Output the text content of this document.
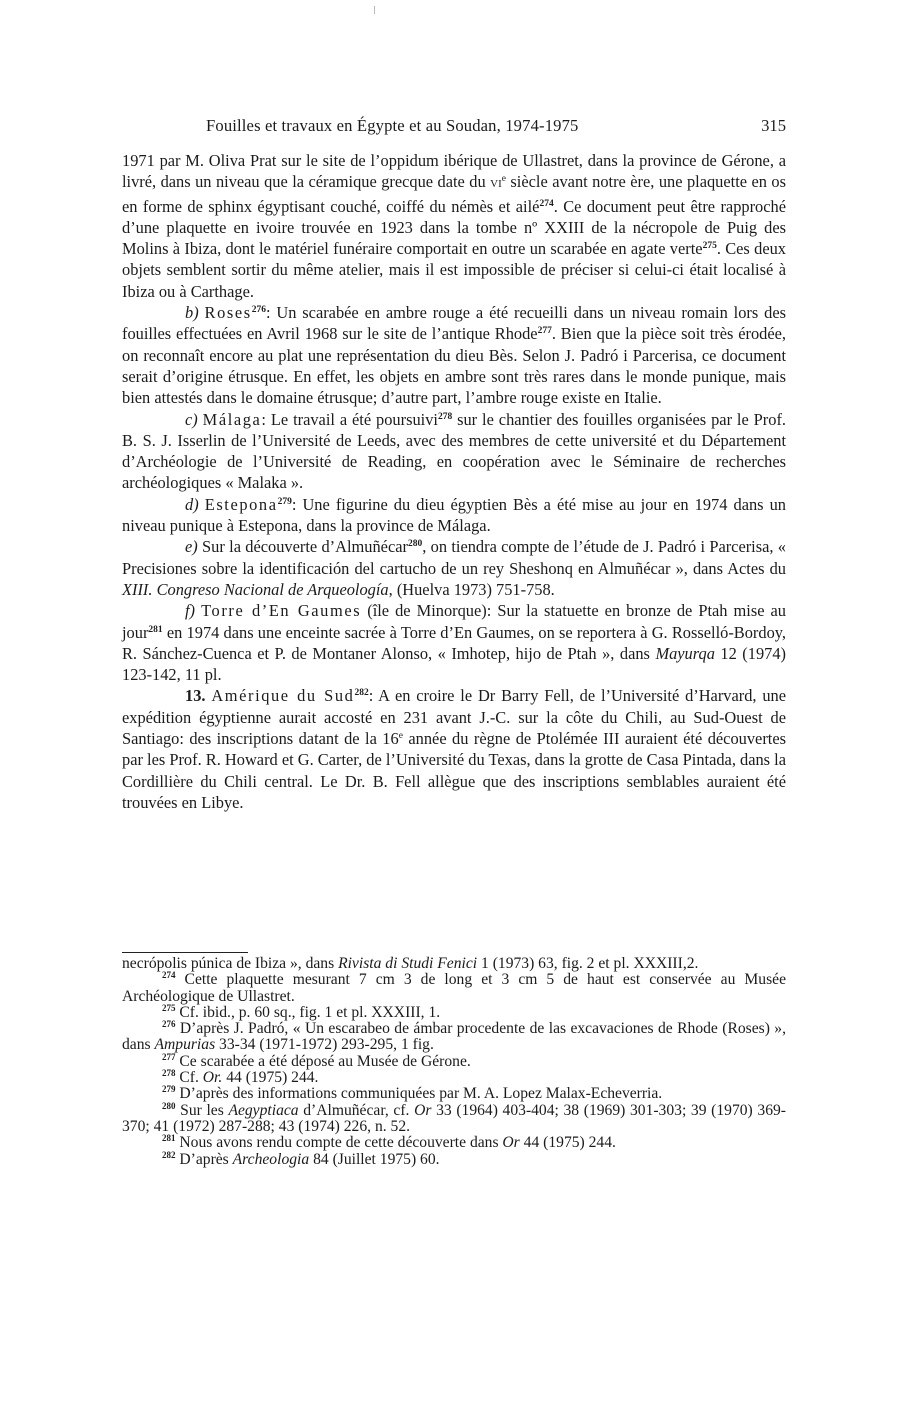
Fouilles et travaux en Égypte et au Soudan, 1974-1975	315

1971 par M. Oliva Prat sur le site de l’oppidum ibérique de Ullastret, dans la province de Gérone, a livré, dans un niveau que la céramique grecque date du VIe siècle avant notre ère, une plaquette en os en forme de sphinx égyptisant couché, coiffé du némès et ailé$^{274}$. Ce document peut être rapproché d’une plaquette en ivoire trouvée en 1923 dans la tombe nº XXIII de la nécropole de Puig des Molins à Ibiza, dont le matériel funéraire comportait en outre un scarabée en agate verte$^{275}$. Ces deux objets semblent sortir du même atelier, mais il est impossible de préciser si celui-ci était localisé à Ibiza ou à Carthage.

b) Roses$^{276}$: Un scarabée en ambre rouge a été recueilli dans un niveau romain lors des fouilles effectuées en Avril 1968 sur le site de l’antique Rhode$^{277}$. Bien que la pièce soit très érodée, on reconnaît encore au plat une représentation du dieu Bès. Selon J. Padró i Parcerisa, ce document serait d’origine étrusque. En effet, les objets en ambre sont très rares dans le monde punique, mais bien attestés dans le domaine étrusque; d’autre part, l’ambre rouge existe en Italie.

c) Málaga: Le travail a été poursuivi$^{278}$ sur le chantier des fouilles organisées par le Prof. B. S. J. Isserlin de l’Université de Leeds, avec des membres de cette université et du Département d’Archéologie de l’Université de Reading, en coopération avec le Séminaire de recherches archéologiques « Malaka ».

d) Estepona$^{279}$: Une figurine du dieu égyptien Bès a été mise au jour en 1974 dans un niveau punique à Estepona, dans la province de Málaga.

e) Sur la découverte d’Almuñécar$^{280}$, on tiendra compte de l’étude de J. Padró i Parcerisa, « Precisiones sobre la identificación del cartucho de un rey Sheshonq en Almuñécar », dans Actes du XIII. Congreso Nacional de Arqueología, (Huelva 1973) 751-758.

f) Torre d’En Gaumes (île de Minorque): Sur la statuette en bronze de Ptah mise au jour$^{281}$ en 1974 dans une enceinte sacrée à Torre d’En Gaumes, on se reportera à G. Rosselló-Bordoy, R. Sánchez-Cuenca et P. de Montaner Alonso, « Imhotep, hijo de Ptah », dans Mayurqa 12 (1974) 123-142, 11 pl.

13. Amérique du Sud$^{282}$: A en croire le Dr Barry Fell, de l’Université d’Harvard, une expédition égyptienne aurait accosté en 231 avant J.-C. sur la côte du Chili, au Sud-Ouest de Santiago: des inscriptions datant de la 16e année du règne de Ptolémée III auraient été découvertes par les Prof. R. Howard et G. Carter, de l’Université du Texas, dans la grotte de Casa Pintada, dans la Cordillière du Chili central. Le Dr. B. Fell allègue que des inscriptions semblables auraient été trouvées en Libye.

necrópolis púnica de Ibiza », dans Rivista di Studi Fenici 1 (1973) 63, fig. 2 et pl. XXXIII,2.

$^{274}$ Cette plaquette mesurant 7 cm 3 de long et 3 cm 5 de haut est conservée au Musée Archéologique de Ullastret.

$^{275}$ Cf. ibid., p. 60 sq., fig. 1 et pl. XXXIII, 1.

$^{276}$ D’après J. Padró, « Un escarabeo de ámbar procedente de las excavaciones de Rhode (Roses) », dans Ampurias 33-34 (1971-1972) 293-295, 1 fig.

$^{277}$ Ce scarabée a été déposé au Musée de Gérone.

$^{278}$ Cf. Or. 44 (1975) 244.

$^{279}$ D’après des informations communiquées par M. A. Lopez Malax-Echeverria.

$^{280}$ Sur les Aegyptiaca d’Almuñécar, cf. Or 33 (1964) 403-404; 38 (1969) 301-303; 39 (1970) 369-370; 41 (1972) 287-288; 43 (1974) 226, n. 52.

$^{281}$ Nous avons rendu compte de cette découverte dans Or 44 (1975) 244.

$^{282}$ D’après Archeologia 84 (Juillet 1975) 60.
